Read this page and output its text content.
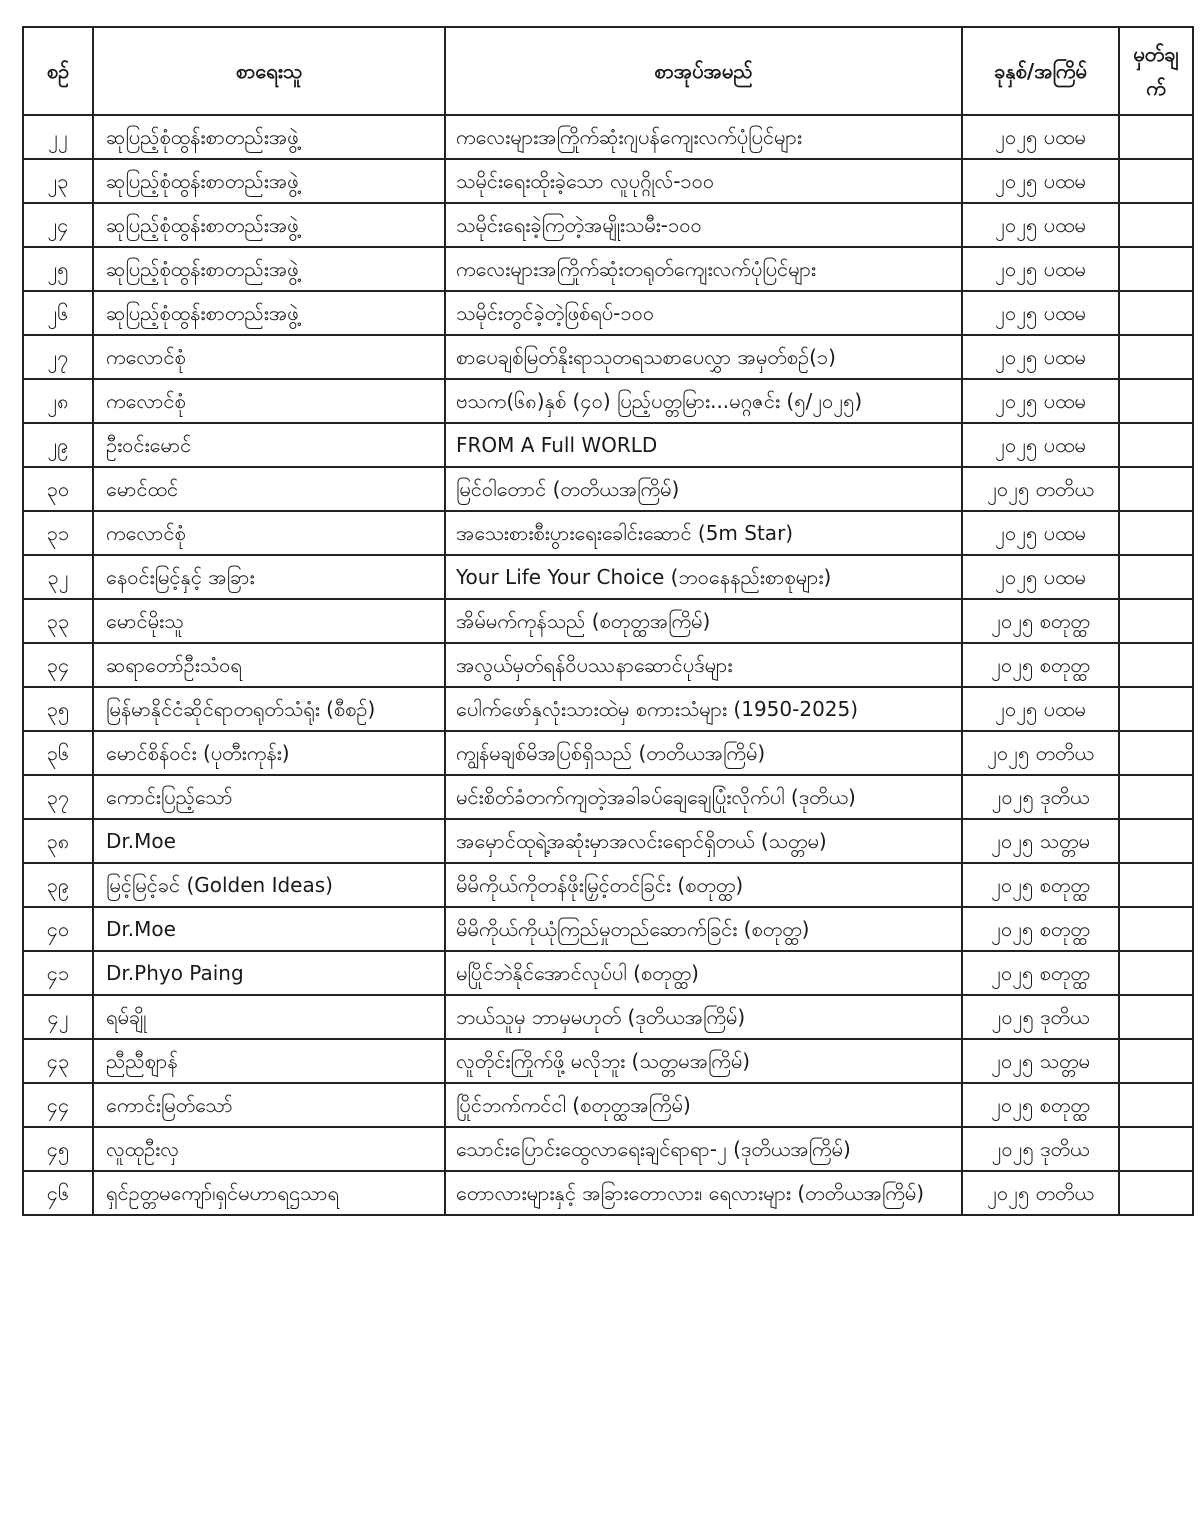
စဉ်	စာရေးသူ	စာအုပ်အမည်	ခုနှစ်/အကြိမ်	မှတ်ချက်
၂၂	ဆုပြည့်စုံထွန်းစာတည်းအဖွဲ့	ကလေးများအကြိုက်ဆုံးဂျပန်ကျေးလက်ပုံပြင်များ	၂၀၂၅ ပထမ	
၂၃	ဆုပြည့်စုံထွန်းစာတည်းအဖွဲ့	သမိုင်းရေးထိုးခဲ့သော လူပုဂ္ဂိုလ်-၁၀၀	၂၀၂၅ ပထမ	
၂၄	ဆုပြည့်စုံထွန်းစာတည်းအဖွဲ့	သမိုင်းရေးခဲ့ကြတဲ့အမျိုးသမီး-၁၀၀	၂၀၂၅ ပထမ	
၂၅	ဆုပြည့်စုံထွန်းစာတည်းအဖွဲ့	ကလေးများအကြိုက်ဆုံးတရုတ်ကျေးလက်ပုံပြင်များ	၂၀၂၅ ပထမ	
၂၆	ဆုပြည့်စုံထွန်းစာတည်းအဖွဲ့	သမိုင်းတွင်ခဲ့တဲ့ဖြစ်ရပ်-၁၀၀	၂၀၂၅ ပထမ	
၂၇	ကလောင်စုံ	စာပေချစ်မြတ်နိုးရာသုတရသစာပေလွှာ အမှတ်စဉ်(၁)	၂၀၂၅ ပထမ	
၂၈	ကလောင်စုံ	ဗသက(၆၈)နှစ် (၄၀) ပြည့်ပတ္တမြား...မဂ္ဂဇင်း (၅/၂၀၂၅)	၂၀၂၅ ပထမ	
၂၉	ဦးဝင်းမောင်	FROM A Full WORLD	၂၀၂၅ ပထမ	
၃၀	မောင်ထင်	မြင်ဝါတောင် (တတိယအကြိမ်)	၂၀၂၅ တတိယ	
၃၁	ကလောင်စုံ	အသေးစားစီးပွားရေးခေါင်းဆောင် (5m Star)	၂၀၂၅ ပထမ	
၃၂	နေဝင်းမြင့်နှင့် အခြား	Your Life Your Choice (ဘဝနေနည်းစာစုများ)	၂၀၂၅ ပထမ	
၃၃	မောင်မိုးသူ	အိမ်မက်ကုန်သည် (စတုတ္ထအကြိမ်)	၂၀၂၅ စတုတ္ထ	
၃၄	ဆရာတော်ဦးသံဝရ	အလွယ်မှတ်ရန်ဝိပဿနာဆောင်ပုဒ်များ	၂၀၂၅ စတုတ္ထ	
၃၅	မြန်မာနိုင်ငံဆိုင်ရာတရုတ်သံရုံး (စီစဉ်)	ပေါက်ဖော်နှလုံးသားထဲမှ စကားသံများ (1950-2025)	၂၀၂၅ ပထမ	
၃၆	မောင်စိန်ဝင်း (ပုတီးကုန်း)	ကျွန်မချစ်မိအပြစ်ရှိသည် (တတိယအကြိမ်)	၂၀၂၅ တတိယ	
၃၇	ကောင်းပြည့်သော်	မင်းစိတ်ခံတက်ကျတဲ့အခါခပ်ချေချေပြုံးလိုက်ပါ (ဒုတိယ)	၂၀၂၅ ဒုတိယ	
၃၈	Dr.Moe	အမှောင်ထုရဲ့အဆုံးမှာအလင်းရောင်ရှိတယ် (သတ္တမ)	၂၀၂၅ သတ္တမ	
၃၉	မြင့်မြင့်ခင် (Golden Ideas)	မိမိကိုယ်ကိုတန်ဖိုးမြှင့်တင်ခြင်း (စတုတ္ထ)	၂၀၂၅ စတုတ္ထ	
၄၀	Dr.Moe	မိမိကိုယ်ကိုယုံကြည်မှုတည်ဆောက်ခြင်း (စတုတ္ထ)	၂၀၂၅ စတုတ္ထ	
၄၁	Dr.Phyo Paing	မပြိုင်ဘဲနိုင်အောင်လုပ်ပါ (စတုတ္ထ)	၂၀၂၅ စတုတ္ထ	
၄၂	ရမ်ချို	ဘယ်သူမှ ဘာမှမဟုတ် (ဒုတိယအကြိမ်)	၂၀၂၅ ဒုတိယ	
၄၃	ညီညီစျာန်	လူတိုင်းကြိုက်ဖို့ မလိုဘူး (သတ္တမအကြိမ်)	၂၀၂၅ သတ္တမ	
၄၄	ကောင်းမြတ်သော်	ပြိုင်ဘက်ကင်ငါ (စတုတ္ထအကြိမ်)	၂၀၂၅ စတုတ္ထ	
၄၅	လူထုဦးလှ	သောင်းပြောင်းထွေလာရေးချင်ရာရာ-၂ (ဒုတိယအကြိမ်)	၂၀၂၅ ဒုတိယ	
၄၆	ရှင်ဥတ္တမကျော်၊ရှင်မဟာရဌသာရ	တောလားများနှင့် အခြားတောလား၊ ရေလားများ (တတိယအကြိမ်)	၂၀၂၅ တတိယ	
